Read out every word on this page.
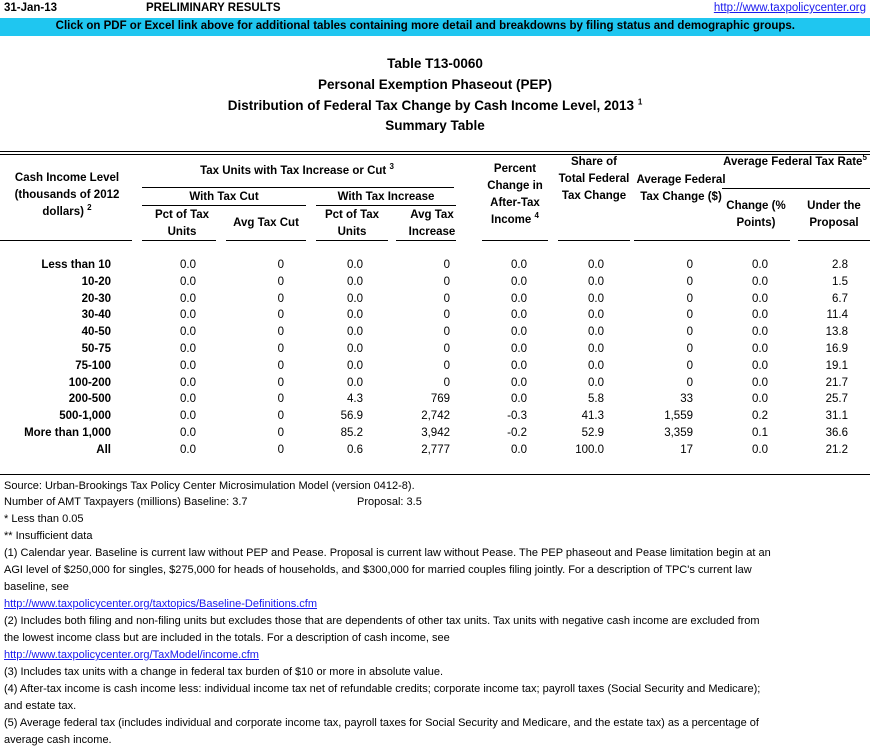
31-Jan-13	PRELIMINARY RESULTS	http://www.taxpolicycenter.org
Click on PDF or Excel link above for additional tables containing more detail and breakdowns by filing status and demographic groups.
Table T13-0060
Personal Exemption Phaseout (PEP)
Distribution of Federal Tax Change by Cash Income Level, 2013 $^1$
Summary Table
Cash Income Level (thousands of 2012 dollars) $^2$
Tax Units with Tax Increase or Cut $^3$
With Tax Cut	With Tax Increase
Pct of Tax Units
Avg Tax Cut
Pct of Tax Units
Avg Tax Increase
Percent Change in After-Tax Income $^4$
Share of Total Federal Tax Change
Average Federal Tax Change ($)
Average Federal Tax Rate$^5$
Change (% Points)
Under the Proposal
Less than 10	0.0	0	0.0	0	0.0	0.0	0	0.0	2.8
10-20	0.0	0	0.0	0	0.0	0.0	0	0.0	1.5
20-30	0.0	0	0.0	0	0.0	0.0	0	0.0	6.7
30-40	0.0	0	0.0	0	0.0	0.0	0	0.0	11.4
40-50	0.0	0	0.0	0	0.0	0.0	0	0.0	13.8
50-75	0.0	0	0.0	0	0.0	0.0	0	0.0	16.9
75-100	0.0	0	0.0	0	0.0	0.0	0	0.0	19.1
100-200	0.0	0	0.0	0	0.0	0.0	0	0.0	21.7
200-500	0.0	0	4.3	769	0.0	5.8	33	0.0	25.7
500-1,000	0.0	0	56.9	2,742	-0.3	41.3	1,559	0.2	31.1
More than 1,000	0.0	0	85.2	3,942	-0.2	52.9	3,359	0.1	36.6
All	0.0	0	0.6	2,777	0.0	100.0	17	0.0	21.2
Source: Urban-Brookings Tax Policy Center Microsimulation Model (version 0412-8).
Number of AMT Taxpayers (millions) Baseline: 3.7	Proposal: 3.5
* Less than 0.05
** Insufficient data
(1) Calendar year. Baseline is current law without PEP and Pease. Proposal is current law without Pease. The PEP phaseout and Pease limitation begin at an
AGI level of $250,000 for singles, $275,000 for heads of households, and $300,000 for married couples filing jointly. For a description of TPC's current law
baseline, see
http://www.taxpolicycenter.org/taxtopics/Baseline-Definitions.cfm
(2) Includes both filing and non-filing units but excludes those that are dependents of other tax units. Tax units with negative cash income are excluded from
the lowest income class but are included in the totals. For a description of cash income, see
http://www.taxpolicycenter.org/TaxModel/income.cfm
(3) Includes tax units with a change in federal tax burden of $10 or more in absolute value.
(4) After-tax income is cash income less: individual income tax net of refundable credits; corporate income tax; payroll taxes (Social Security and Medicare);
and estate tax.
(5) Average federal tax (includes individual and corporate income tax, payroll taxes for Social Security and Medicare, and the estate tax) as a percentage of
average cash income.
